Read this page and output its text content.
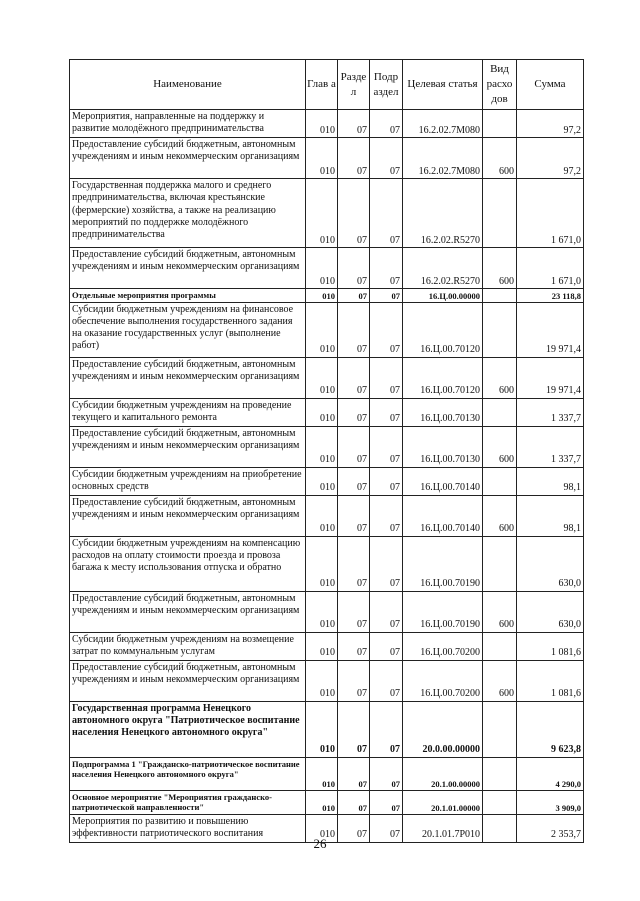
Наименование	Глав а	Разде л	Подр аздел	Целевая статья	Вид расхо дов	Сумма
Мероприятия, направленные на поддержку и развитие молодёжного предпринимательства	010	07	07	16.2.02.7М080		97,2
Предоставление субсидий бюджетным, автономным учреждениям и иным некоммерческим организациям	010	07	07	16.2.02.7М080	600	97,2
Государственная поддержка малого и среднего предпринимательства, включая крестьянские (фермерские) хозяйства, а также на реализацию мероприятий по поддержке молодёжного предпринимательства	010	07	07	16.2.02.R5270		1 671,0
Предоставление субсидий бюджетным, автономным учреждениям и иным некоммерческим организациям	010	07	07	16.2.02.R5270	600	1 671,0
Отдельные мероприятия программы	010	07	07	16.Ц.00.00000		23 118,8
Субсидии бюджетным учреждениям на финансовое обеспечение выполнения государственного задания на оказание государственных услуг (выполнение работ)	010	07	07	16.Ц.00.70120		19 971,4
Предоставление субсидий бюджетным, автономным учреждениям и иным некоммерческим организациям	010	07	07	16.Ц.00.70120	600	19 971,4
Субсидии бюджетным учреждениям на проведение текущего и капитального ремонта	010	07	07	16.Ц.00.70130		1 337,7
Предоставление субсидий бюджетным, автономным учреждениям и иным некоммерческим организациям	010	07	07	16.Ц.00.70130	600	1 337,7
Субсидии бюджетным учреждениям на приобретение основных средств	010	07	07	16.Ц.00.70140		98,1
Предоставление субсидий бюджетным, автономным учреждениям и иным некоммерческим организациям	010	07	07	16.Ц.00.70140	600	98,1
Субсидии бюджетным учреждениям на компенсацию расходов на оплату стоимости проезда и провоза багажа к месту использования отпуска и обратно	010	07	07	16.Ц.00.70190		630,0
Предоставление субсидий бюджетным, автономным учреждениям и иным некоммерческим организациям	010	07	07	16.Ц.00.70190	600	630,0
Субсидии бюджетным учреждениям на возмещение затрат по коммунальным услугам	010	07	07	16.Ц.00.70200		1 081,6
Предоставление субсидий бюджетным, автономным учреждениям и иным некоммерческим организациям	010	07	07	16.Ц.00.70200	600	1 081,6
Государственная программа Ненецкого автономного округа "Патриотическое воспитание населения Ненецкого автономного округа"	010	07	07	20.0.00.00000		9 623,8
Подпрограмма 1 "Гражданско-патриотическое воспитание населения Ненецкого автономного округа"	010	07	07	20.1.00.00000		4 290,0
Основное мероприятие "Мероприятия гражданско-патриотической направленности"	010	07	07	20.1.01.00000		3 909,0
Мероприятия по развитию и повышению эффективности патриотического воспитания	010	07	07	20.1.01.7Р010		2 353,7
26
